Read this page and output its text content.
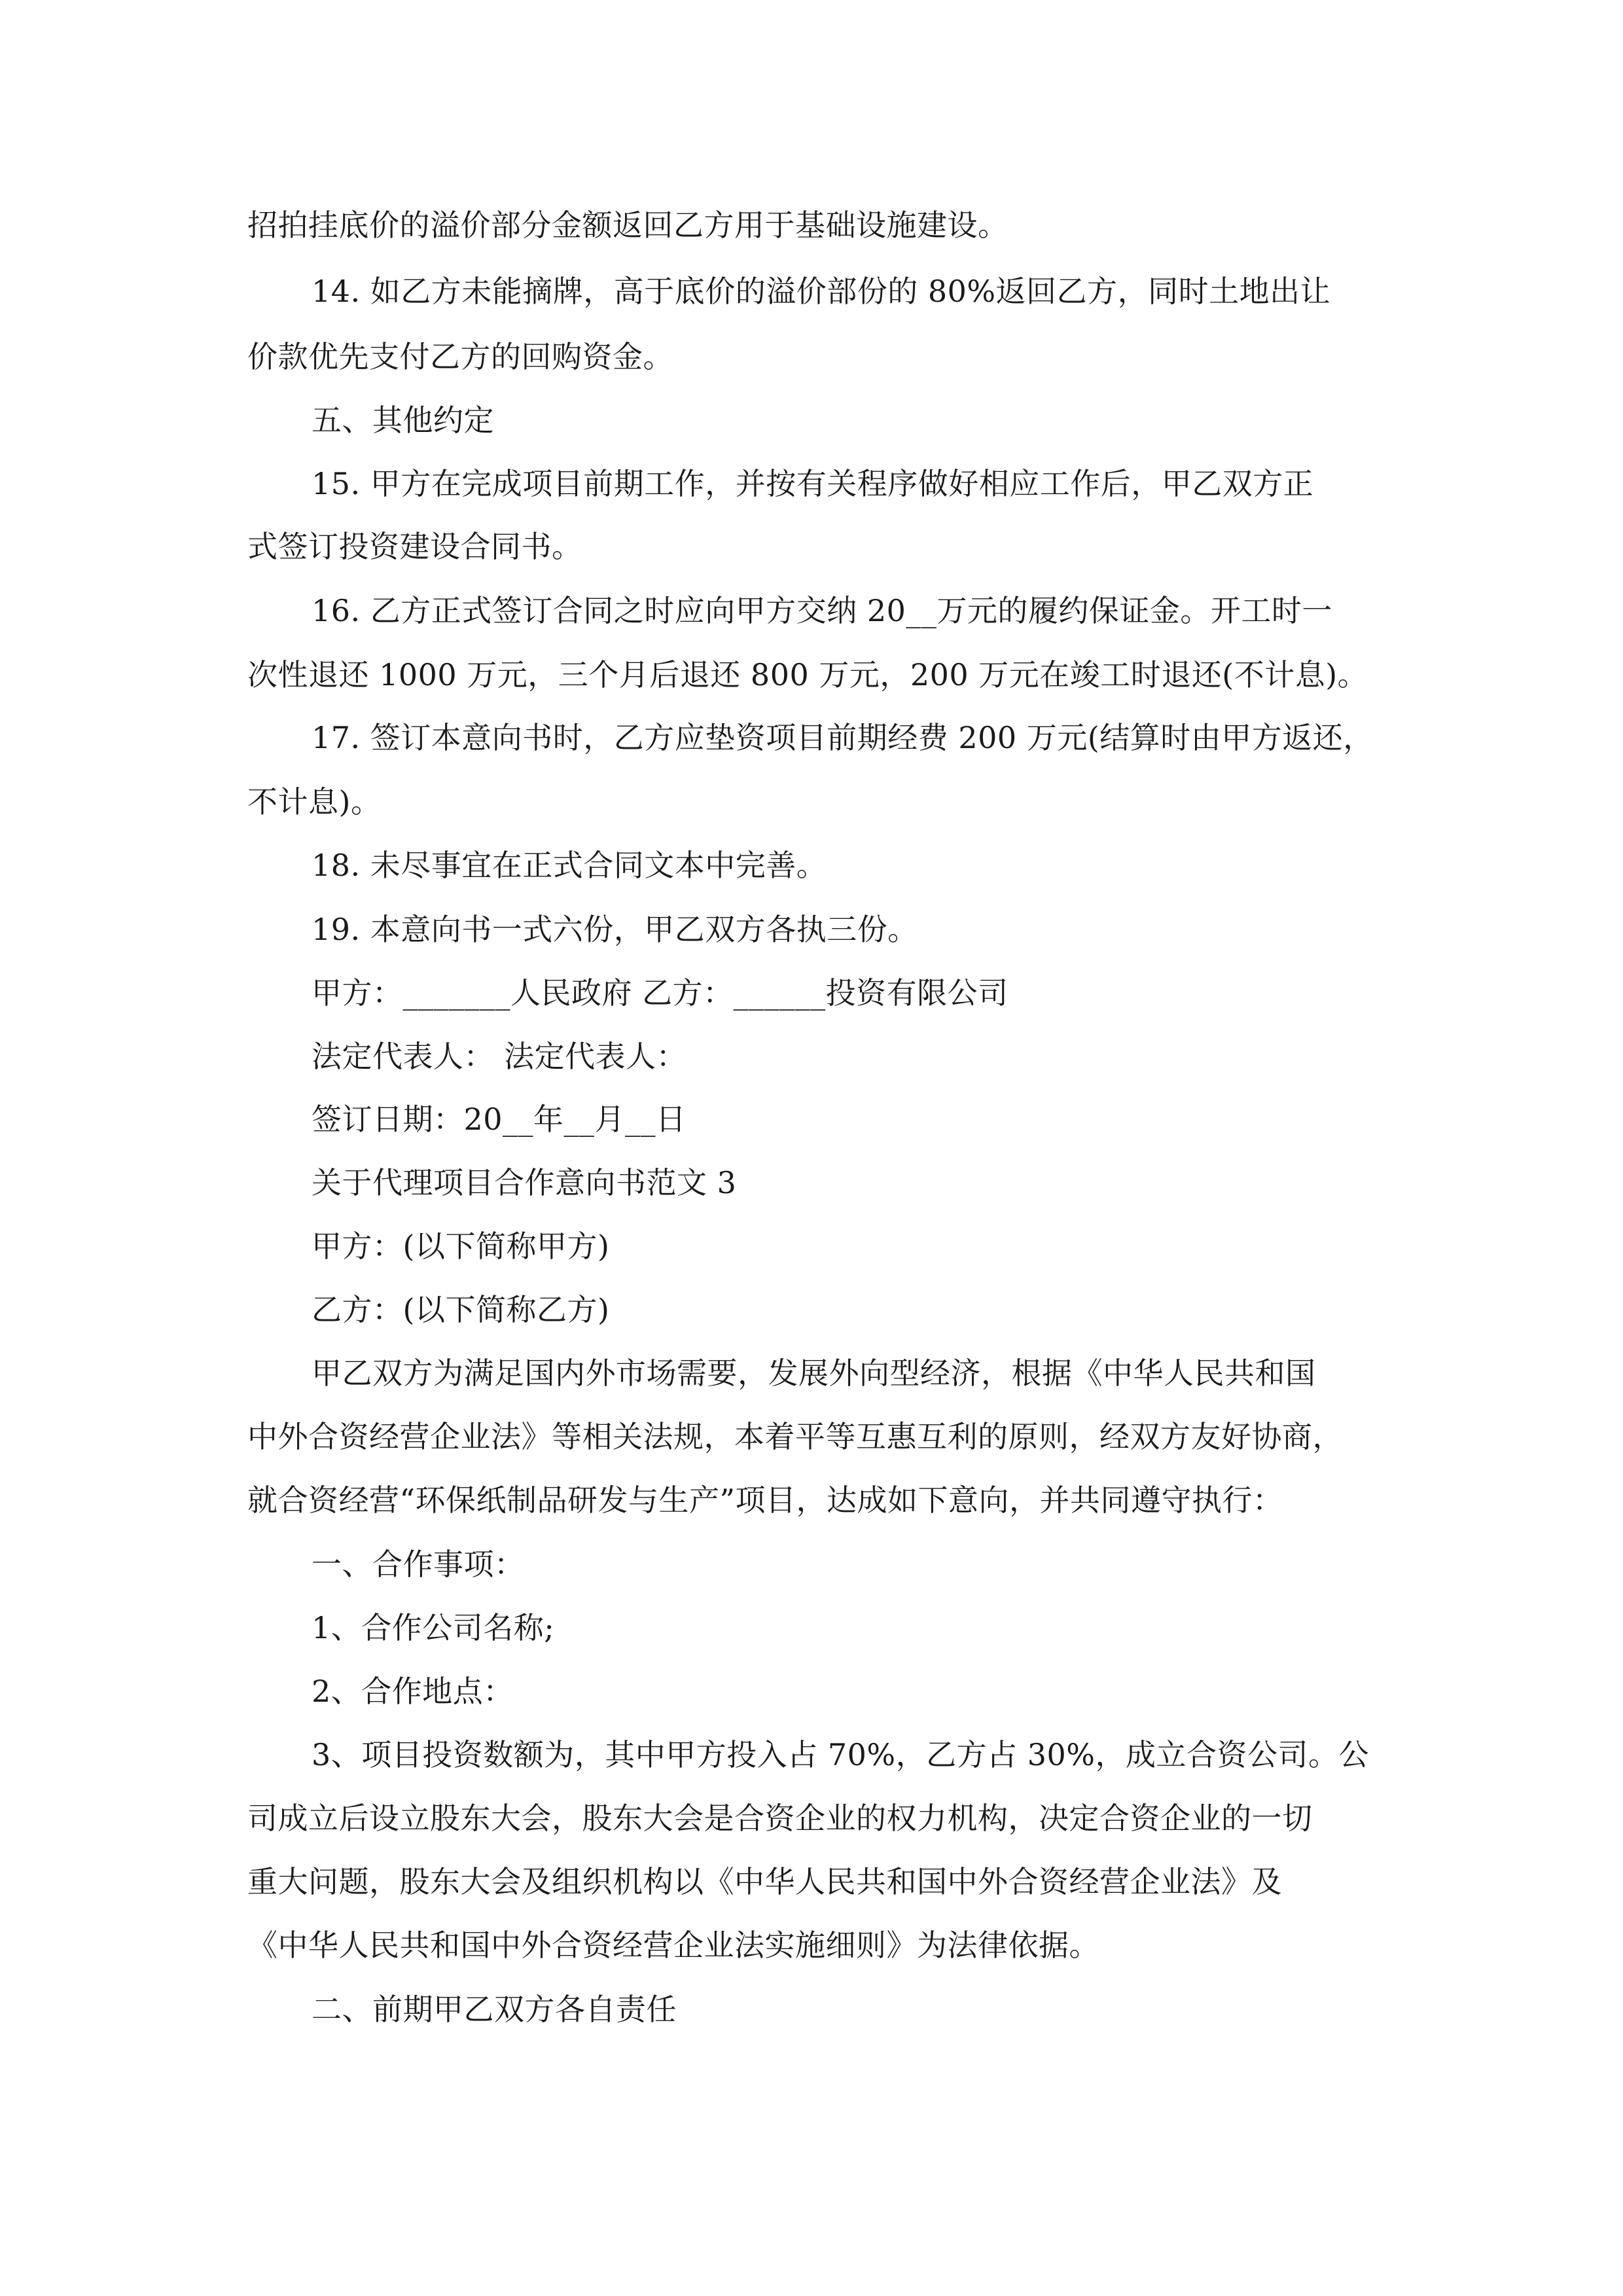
招拍挂底价的溢价部分金额返回乙方用于基础设施建设。
14. 如乙方未能摘牌，高于底价的溢价部份的 80%返回乙方，同时土地出让
价款优先支付乙方的回购资金。
五、其他约定
15. 甲方在完成项目前期工作，并按有关程序做好相应工作后，甲乙双方正
式签订投资建设合同书。
16. 乙方正式签订合同之时应向甲方交纳 20__万元的履约保证金。开工时一
次性退还 1000 万元，三个月后退还 800 万元，200 万元在竣工时退还(不计息)。
17. 签订本意向书时，乙方应垫资项目前期经费 200 万元(结算时由甲方返还，
不计息)。
18. 未尽事宜在正式合同文本中完善。
19. 本意向书一式六份，甲乙双方各执三份。
甲方：_______人民政府 乙方：______投资有限公司
法定代表人： 法定代表人：
签订日期：20__年__月__日
关于代理项目合作意向书范文 3
甲方：(以下简称甲方)
乙方：(以下简称乙方)
甲乙双方为满足国内外市场需要，发展外向型经济，根据《中华人民共和国
中外合资经营企业法》等相关法规，本着平等互惠互利的原则，经双方友好协商，
就合资经营“环保纸制品研发与生产”项目，达成如下意向，并共同遵守执行：
一、合作事项：
1、合作公司名称;
2、合作地点：
3、项目投资数额为，其中甲方投入占 70%，乙方占 30%，成立合资公司。公
司成立后设立股东大会，股东大会是合资企业的权力机构，决定合资企业的一切
重大问题，股东大会及组织机构以《中华人民共和国中外合资经营企业法》及
《中华人民共和国中外合资经营企业法实施细则》为法律依据。
二、前期甲乙双方各自责任
